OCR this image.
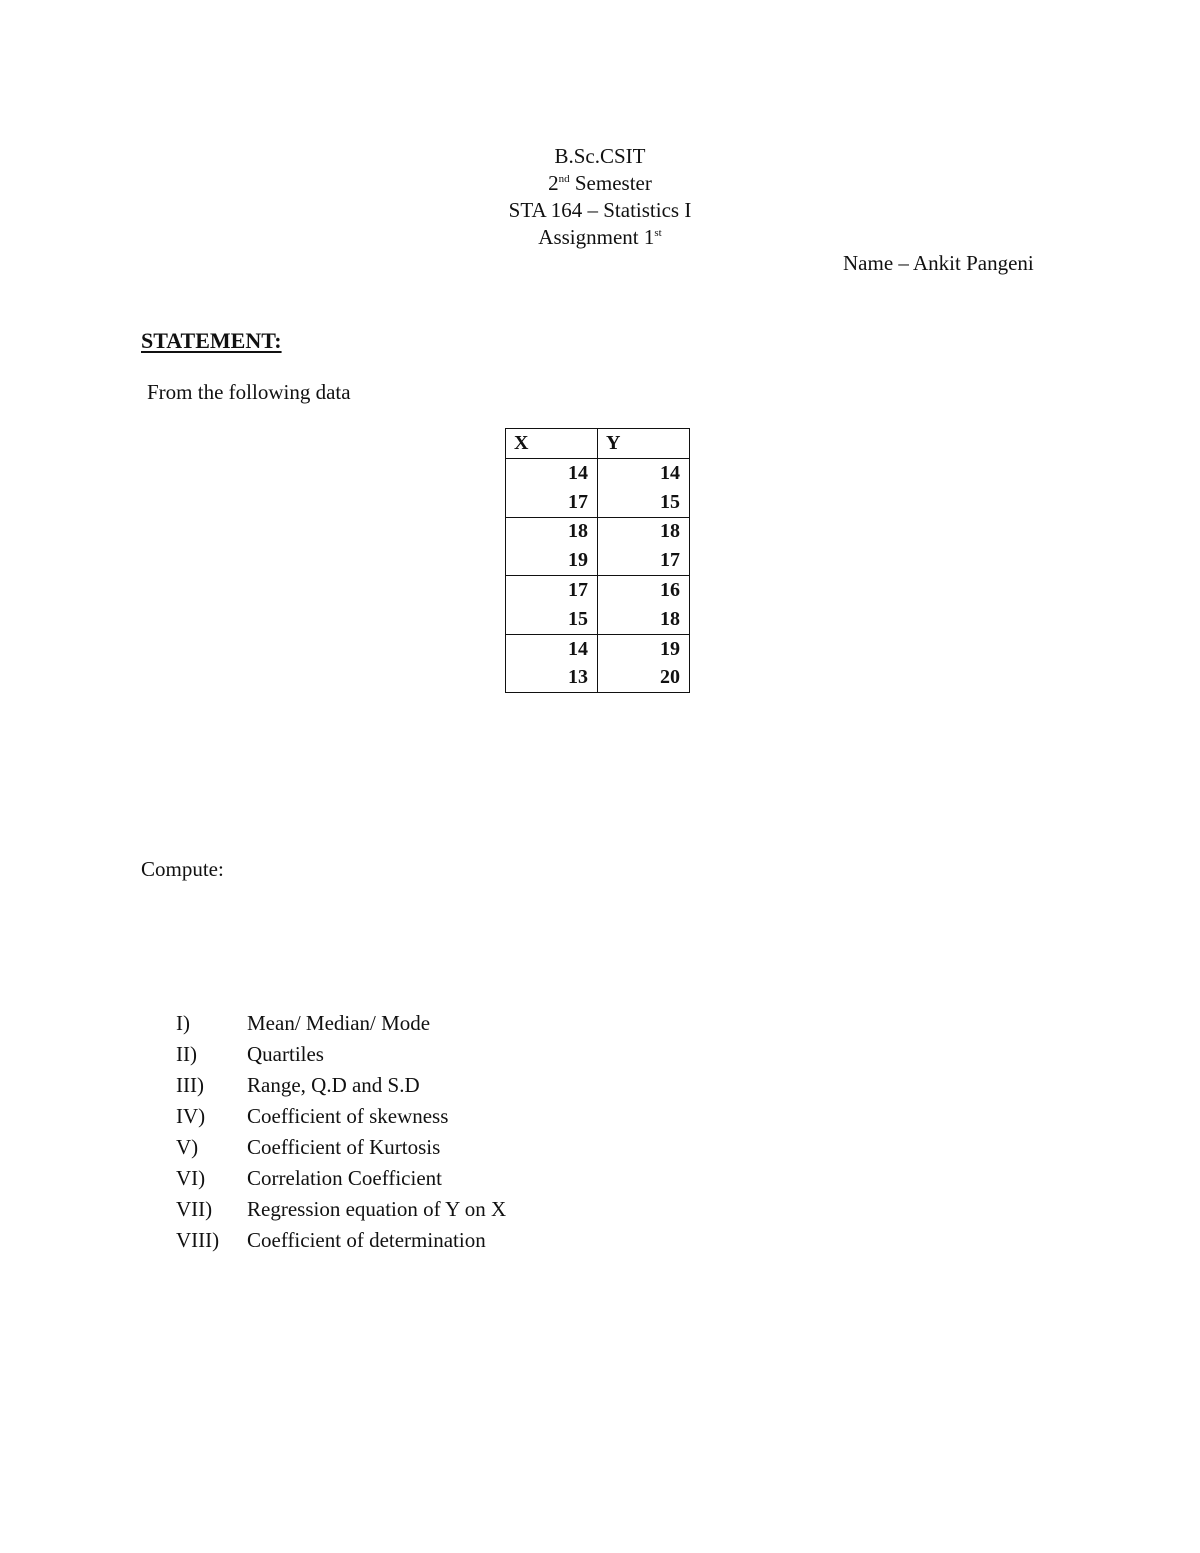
B.Sc.CSIT
2nd Semester
STA 164 – Statistics I
Assignment 1st
Name – Ankit Pangeni
STATEMENT:
From the following data
X	Y
14	14
17	15
18	18
19	17
17	16
15	18
14	19
13	20
Compute:
I)	Mean/ Median/ Mode
II) Quartiles
III) Range, Q.D and S.D
IV) Coefficient of skewness
V) Coefficient of Kurtosis
VI) Correlation Coefficient
VII) Regression equation of Y on X
VIII) Coefficient of determination
